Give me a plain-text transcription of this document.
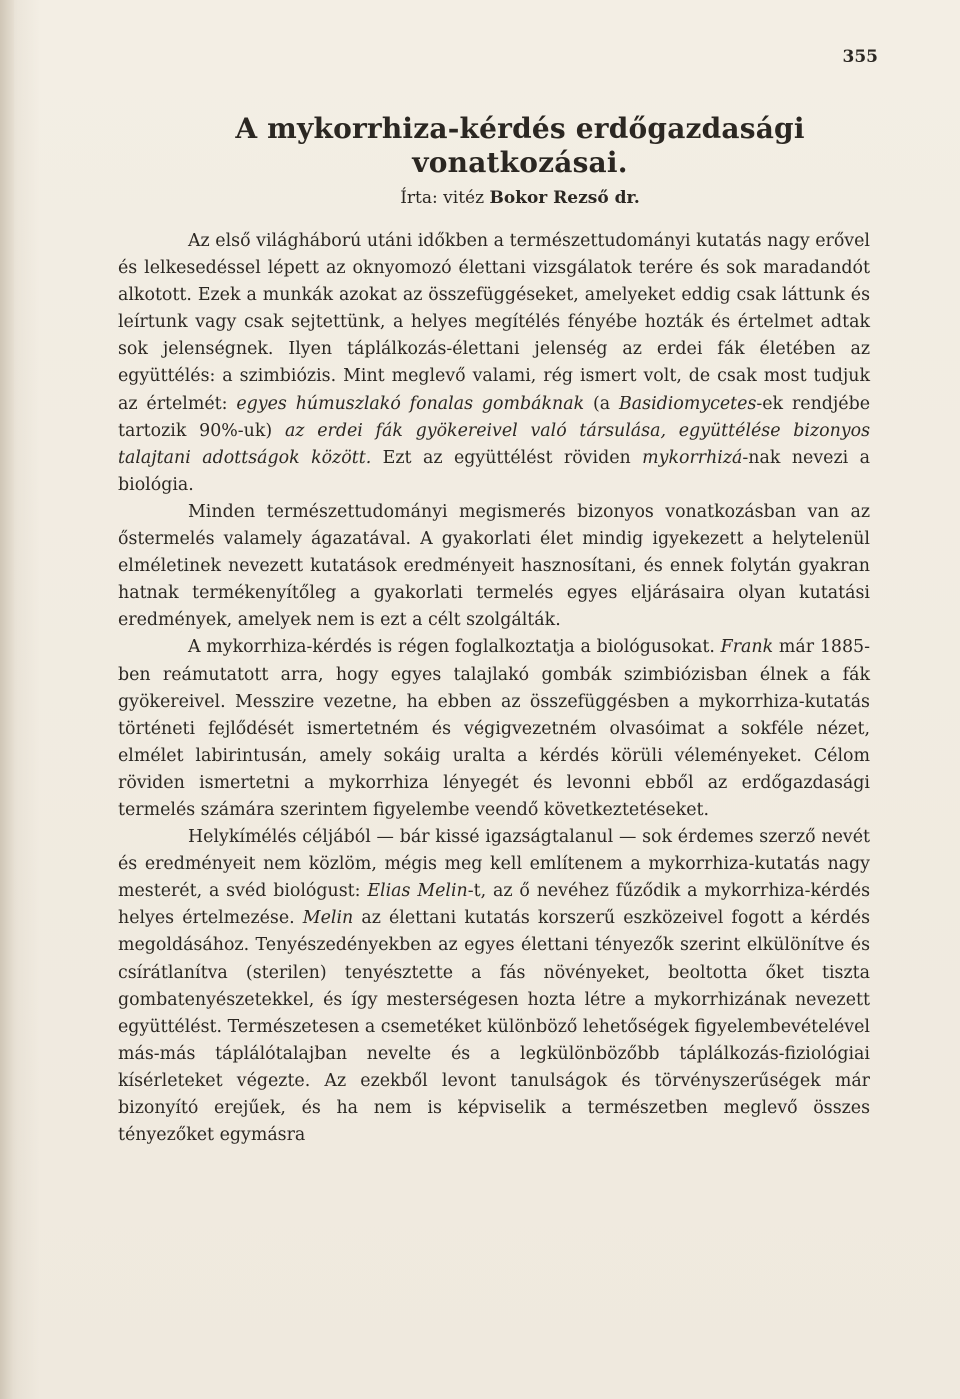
355
A mykorrhiza-kérdés erdőgazdasági
vonatkozásai.
Írta: vitéz Bokor Rezső dr.

Az első világháború utáni időkben a természettudományi kutatás nagy erővel és lelkesedéssel lépett az oknyomozó élettani vizsgálatok terére és sok maradandót alkotott. Ezek a munkák azokat az összefüggéseket, amelyeket eddig csak láttunk és leírtunk vagy csak sejtettünk, a helyes megítélés fényébe hozták és értelmet adtak sok jelenségnek. Ilyen táplálkozás-élettani jelenség az erdei fák életében az együttélés: a szimbiózis. Mint meglevő valami, rég ismert volt, de csak most tudjuk az értelmét: egyes húmuszlakó fonalas gombáknak (a Basidiomycetes-ek rendjébe tartozik 90%-uk) az erdei fák gyökereivel való társulása, együttélése bizonyos talajtani adottságok között. Ezt az együttélést röviden mykorrhizá-nak nevezi a biológia.

Minden természettudományi megismerés bizonyos vonatkozásban van az őstermelés valamely ágazatával. A gyakorlati élet mindig igyekezett a helytelenül elméletinek nevezett kutatások eredményeit hasznosítani, és ennek folytán gyakran hatnak termékenyítőleg a gyakorlati termelés egyes eljárásaira olyan kutatási eredmények, amelyek nem is ezt a célt szolgálták.

A mykorrhiza-kérdés is régen foglalkoztatja a biológusokat. Frank már 1885-ben reámutatott arra, hogy egyes talajlakó gombák szimbiózisban élnek a fák gyökereivel. Messzire vezetne, ha ebben az összefüggésben a mykorrhiza-kutatás történeti fejlődését ismertetném és végigvezetném olvasóimat a sokféle nézet, elmélet labirintusán, amely sokáig uralta a kérdés körüli véleményeket. Célom röviden ismertetni a mykorrhiza lényegét és levonni ebből az erdőgazdasági termelés számára szerintem figyelembe veendő következtetéseket.

Helykímélés céljából — bár kissé igazságtalanul — sok érdemes szerző nevét és eredményeit nem közlöm, mégis meg kell említenem a mykorrhiza-kutatás nagy mesterét, a svéd biológust: Elias Melin-t, az ő nevéhez fűződik a mykorrhiza-kérdés helyes értelmezése. Melin az élettani kutatás korszerű eszközeivel fogott a kérdés megoldásához. Tenyészedényekben az egyes élettani tényezők szerint elkülönítve és csírátlanítva (sterilen) tenyésztette a fás növényeket, beoltotta őket tiszta gombatenyészetekkel, és így mesterségesen hozta létre a mykorrhizának nevezett együttélést. Természetesen a csemetéket különböző lehetőségek figyelembevételével más-más táplálótalajban nevelte és a legkülönbözőbb táplálkozás-fiziológiai kísérleteket végezte. Az ezekből levont tanulságok és törvényszerűségek már bizonyító erejűek, és ha nem is képviselik a természetben meglevő összes tényezőket egymásra
